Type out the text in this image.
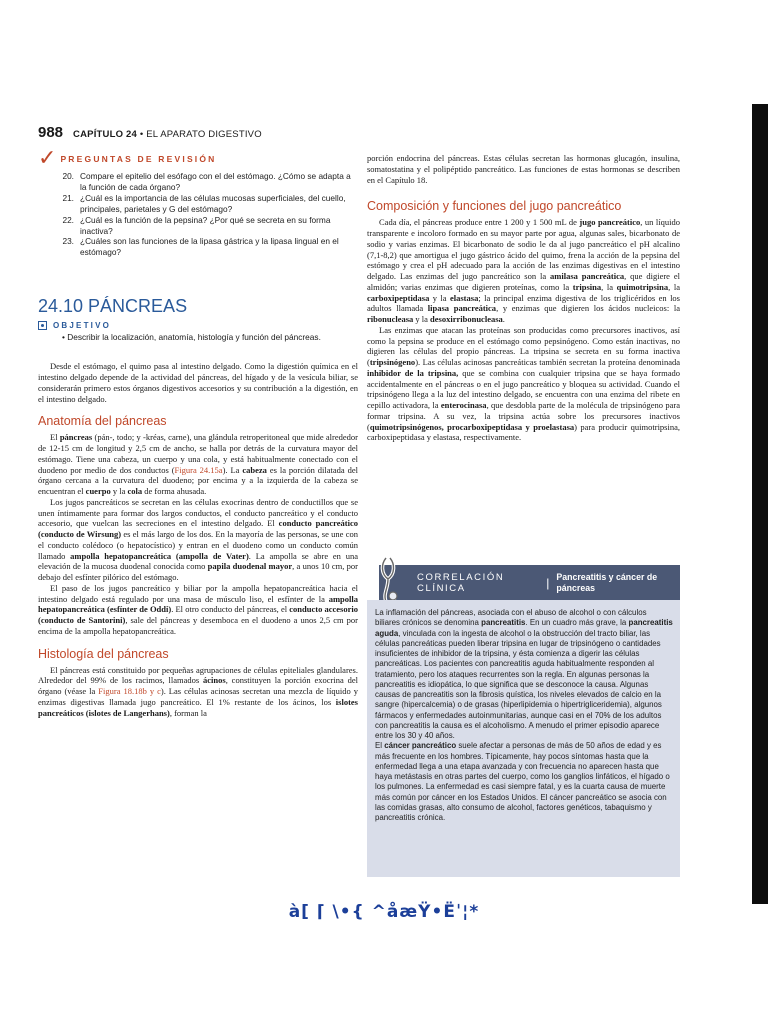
988 CAPÍTULO 24 • EL APARATO DIGESTIVO
✓ PREGUNTAS DE REVISIÓN
20. Compare el epitelio del esófago con el del estómago. ¿Cómo se adapta a la función de cada órgano?
21. ¿Cuál es la importancia de las células mucosas superficiales, del cuello, principales, parietales y G del estómago?
22. ¿Cuál es la función de la pepsina? ¿Por qué se secreta en su forma inactiva?
23. ¿Cuáles son las funciones de la lipasa gástrica y la lipasa lingual en el estómago?
24.10 PÁNCREAS
OBJETIVO
• Describir la localización, anatomía, histología y función del páncreas.

Desde el estómago, el quimo pasa al intestino delgado. Como la digestión química en el intestino delgado depende de la actividad del páncreas, del hígado y de la vesícula biliar, se considerarán primero estos órganos digestivos accesorios y su contribución a la digestión, en el intestino delgado.

Anatomía del páncreas

El páncreas (pán-, todo; y -kréas, carne), una glándula retroperitoneal que mide alrededor de 12-15 cm de longitud y 2,5 cm de ancho, se halla por detrás de la curvatura mayor del estómago. Tiene una cabeza, un cuerpo y una cola, y está habitualmente conectado con el duodeno por medio de dos conductos (Figura 24.15a). La cabeza es la porción dilatada del órgano cercana a la curvatura del duodeno; por encima y a la izquierda de la cabeza se encuentran el cuerpo y la cola de forma ahusada.

Los jugos pancreáticos se secretan en las células exocrinas dentro de conductillos que se unen íntimamente para formar dos largos conductos, el conducto pancreático y el conducto accesorio, que vuelcan las secreciones en el intestino delgado. El conducto pancreático (conducto de Wirsung) es el más largo de los dos. En la mayoría de las personas, se une con el conducto colédoco (o hepatocístico) y entran en el duodeno como un conducto común llamado ampolla hepatopancreática (ampolla de Vater). La ampolla se abre en una elevación de la mucosa duodenal conocida como papila duodenal mayor, a unos 10 cm, por debajo del esfínter pilórico del estómago.

El paso de los jugos pancreático y biliar por la ampolla hepatopancreática hacia el intestino delgado está regulado por una masa de músculo liso, el esfínter de la ampolla hepatopancreática (esfínter de Oddi). El otro conducto del páncreas, el conducto accesorio (conducto de Santorini), sale del páncreas y desemboca en el duodeno a unos 2,5 cm por encima de la ampolla hepatopancreática.

Histología del páncreas

El páncreas está constituido por pequeñas agrupaciones de células epiteliales glandulares. Alrededor del 99% de los racimos, llamados ácinos, constituyen la porción exocrina del órgano (véase la Figura 18.18b y c). Las células acinosas secretan una mezcla de líquido y enzimas digestivas llamada jugo pancreático. El 1% restante de los ácinos, los islotes pancreáticos (islotes de Langerhans), forman la

porción endocrina del páncreas. Estas células secretan las hormonas glucagón, insulina, somatostatina y el polipéptido pancreático. Las funciones de estas hormonas se describen en el Capítulo 18.

Composición y funciones del jugo pancreático

Cada día, el páncreas produce entre 1 200 y 1 500 mL de jugo pancreático, un líquido transparente e incoloro formado en su mayor parte por agua, algunas sales, bicarbonato de sodio y varias enzimas. El bicarbonato de sodio le da al jugo pancreático el pH alcalino (7,1-8,2) que amortigua el jugo gástrico ácido del quimo, frena la acción de la pepsina del estómago y crea el pH adecuado para la acción de las enzimas digestivas en el intestino delgado. Las enzimas del jugo pancreático son la amilasa pancreática, que digiere el almidón; varias enzimas que digieren proteínas, como la tripsina, la quimotripsina, la carboxipeptidasa y la elastasa; la principal enzima digestiva de los triglicéridos en los adultos llamada lipasa pancreática, y enzimas que digieren los ácidos nucleicos: la ribonucleasa y la desoxirribonucleasa.

Las enzimas que atacan las proteínas son producidas como precursores inactivos, así como la pepsina se produce en el estómago como pepsinógeno. Como están inactivas, no digieren las células del propio páncreas. La tripsina se secreta en su forma inactiva (tripsinógeno). Las células acinosas pancreáticas también secretan la proteína denominada inhibidor de la tripsina, que se combina con cualquier tripsina que se haya formado accidentalmente en el páncreas o en el jugo pancreático y bloquea su actividad. Cuando el tripsinógeno llega a la luz del intestino delgado, se encuentra con una enzima del ribete en cepillo activadora, la enterocinasa, que desdobla parte de la molécula de tripsinógeno para formar tripsina. A su vez, la tripsina actúa sobre los precursores inactivos (quimotripsinógenos, procarboxipeptidasa y proelastasa) para producir quimotripsina, carboxipeptidasa y elastasa, respectivamente.

CORRELACIÓN CLÍNICA	| Pancreatitis y cáncer de páncreas

La inflamación del páncreas, asociada con el abuso de alcohol o con cálculos biliares crónicos se denomina pancreatitis. En un cuadro más grave, la pancreatitis aguda, vinculada con la ingesta de alcohol o la obstrucción del tracto biliar, las células pancreáticas pueden liberar tripsina en lugar de tripsinógeno o cantidades insuficientes de inhibidor de la tripsina, y ésta comienza a digerir las células pancreáticas. Los pacientes con pancreatitis aguda habitualmente responden al tratamiento, pero los ataques recurrentes son la regla. En algunas personas la pancreatitis es idiopática, lo que significa que se desconoce la causa. Algunas causas de pancreatitis son la fibrosis quística, los niveles elevados de calcio en la sangre (hipercalcemia) o de grasas (hiperlipidemia o hipertrigliceridemia), algunos fármacos y enfermedades autoinmunitarias, aunque casi en el 70% de los adultos con pancreatitis la causa es el alcoholismo. A menudo el primer episodio aparece entre los 30 y 40 años.

El cáncer pancreático suele afectar a personas de más de 50 años de edad y es más frecuente en los hombres. Típicamente, hay pocos síntomas hasta que la enfermedad llega a una etapa avanzada y con frecuencia no aparecen hasta que haya metástasis en otras partes del cuerpo, como los ganglios linfáticos, el hígado o los pulmones. La enfermedad es casi siempre fatal, y es la cuarta causa de muerte más común por cáncer en los Estados Unidos. El cáncer pancreático se asocia con las comidas grasas, alto consumo de alcohol, factores genéticos, tabaquismo y pancreatitis crónica.

à[ ⌈ \•{ ^åæŸ•Ëˈ¦*
